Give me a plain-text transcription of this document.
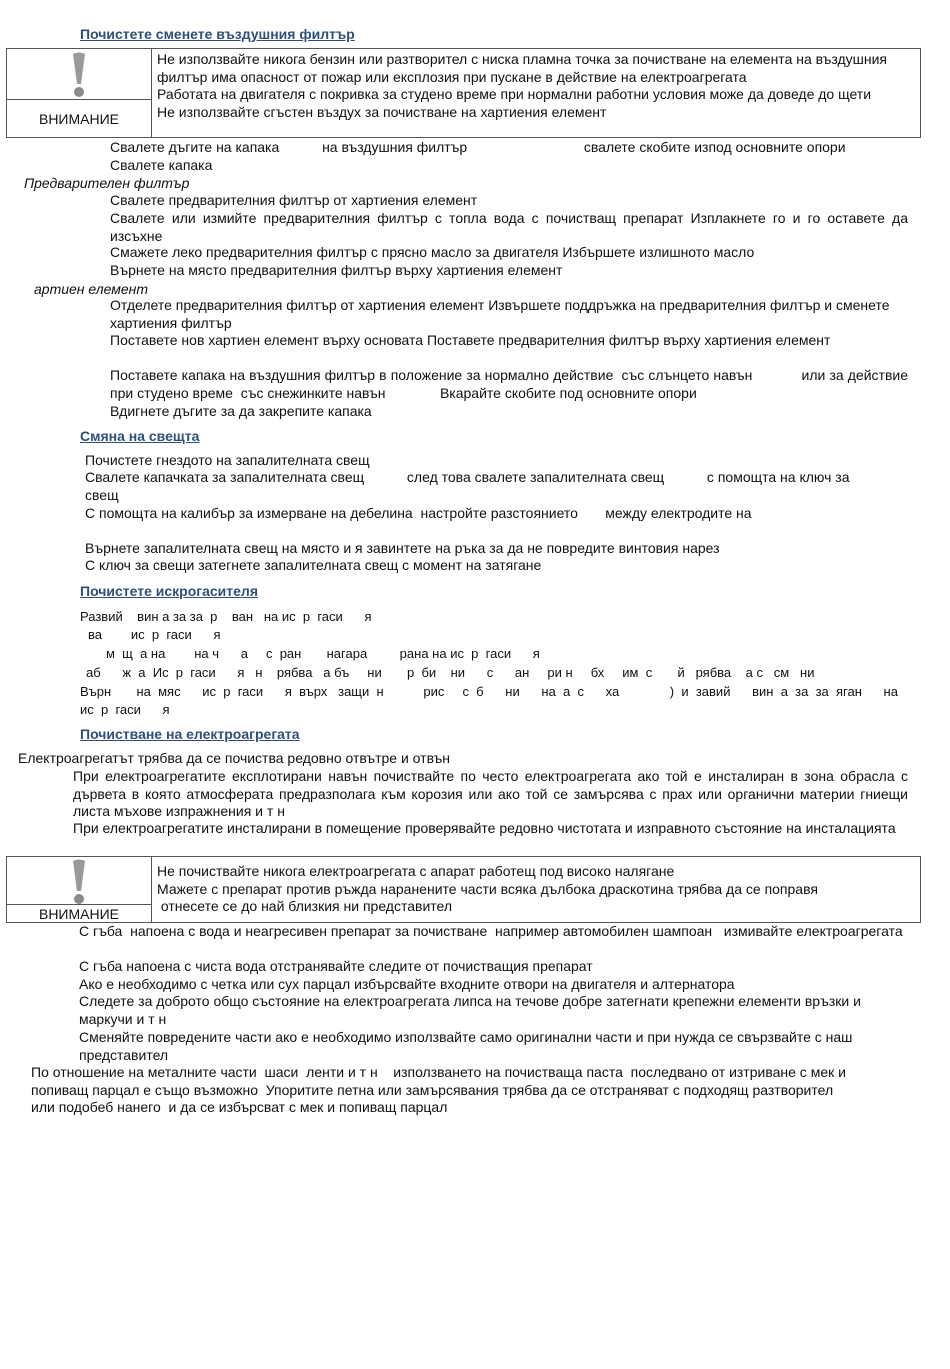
Почистете сменете въздушния филтър
ВНИМАНИЕ
Не използвайте никога бензин или разтворител с ниска пламна точка за почистване на елемента на въздушния филтър има опасност от пожар или експлозия при пускане в действие на електроагрегата
Работата на двигателя с покривка за студено време при нормални работни условия може да доведе до щети
Не използвайте сгъстен въздух за почистване на хартиения елемент
Свалете дъгите на капака           на въздушния филтър                              свалете скобите изпод основните опори  Свалете капака
Предварителен филтър
Свалете предварителния филтър от хартиения елемент
Свалете или измийте предварителния филтър с топла вода с почистващ препарат Изплакнете го и го оставете да изсъхне
Смажете леко предварителния филтър с прясно масло за двигателя Избършете излишното масло
Върнете на място предварителния филтър върху хартиения елемент
артиен елемент
Отделете предварителния филтър от хартиения елемент Извършете поддръжка на предварителния филтър и сменете хартиения филтър
Поставете нов хартиен елемент върху основата Поставете предварителния филтър върху хартиения елемент
Поставете капака на въздушния филтър в положение за нормално действие  със слънцето навън            или за действие при студено време  със снежинките навън              Вкарайте скобите под основните опори
Вдигнете дъгите за да закрепите капака
Смяна на свещта
Почистете гнездото на запалителната свещ
Свалете капачката за запалителната свещ           след това свалете запалителната свещ           с помощта на ключ за свещ
С помощта на калибър за измерване на дебелина  настройте разстоянието       между електродите на
Върнете запалителната свещ на място и я завинтете на ръка за да не повредите винтовия нарез
С ключ за свещи затегнете запалителната свещ с момент на затягане
Почистете искрогасителя
Развий    вин а за за  р    ван   на ис  р  гаси      я
ва        ис  р  гаси      я
м  щ  а на        на ч      а     с  ран       нагара         рана на ис  р  гаси      я
аб      ж  а  Ис  р  гаси      я   н    рябва   а бъ     ни       р  би    ни      с      ан     ри н     бх     им  с       й   рябва    а с   см   ни
Върн       на  мяс      ис  р  гаси      я  върх   защи  н           рис     с  б      ни      на  а  с      ха              )  и  завий      вин  а  за  за  яган      на
ис  р  гаси      я
Почистване на електроагрегата
Електроагрегатът трябва да се почиства редовно отвътре и отвън
При електроагрегатите експлотирани навън почиствайте по често електроагрегата ако той е инсталиран в зона обрасла с дървета в която атмосферата предразполага към корозия или ако той се замърсява с прах или органични материи гниещи листа мъхове изпражнения и т н
При електроагрегатите инсталирани в помещение проверявайте редовно чистотата и изправното състояние на инсталацията
ВНИМАНИЕ
Не почиствайте никога електроагрегата с апарат работещ под високо налягане
Мажете с препарат против ръжда наранените части всяка дълбока драскотина трябва да се поправя
отнесете се до най близкия ни представител
С гъба  напоена с вода и неагресивен препарат за почистване  например автомобилен шампоан   измивайте електроагрегата
С гъба напоена с чиста вода отстранявайте следите от почистващия препарат
Ако е необходимо с четка или сух парцал избърсвайте входните отвори на двигателя и алтернатора
Следете за доброто общо състояние на електроагрегата липса на течове добре затегнати крепежни елементи връзки и маркучи и т н
Сменяйте повредените части ако е необходимо използвайте само оригинални части и при нужда се свързвайте с наш представител
По отношение на металните части  шаси  ленти и т н    използването на почистваща паста  последвано от изтриване с мек и попиващ парцал е също възможно  Упоритите петна или замърсявания трябва да се отстраняват с подходящ разтворител                  или подобеб нанего  и да се избърсват с мек и попиващ парцал
